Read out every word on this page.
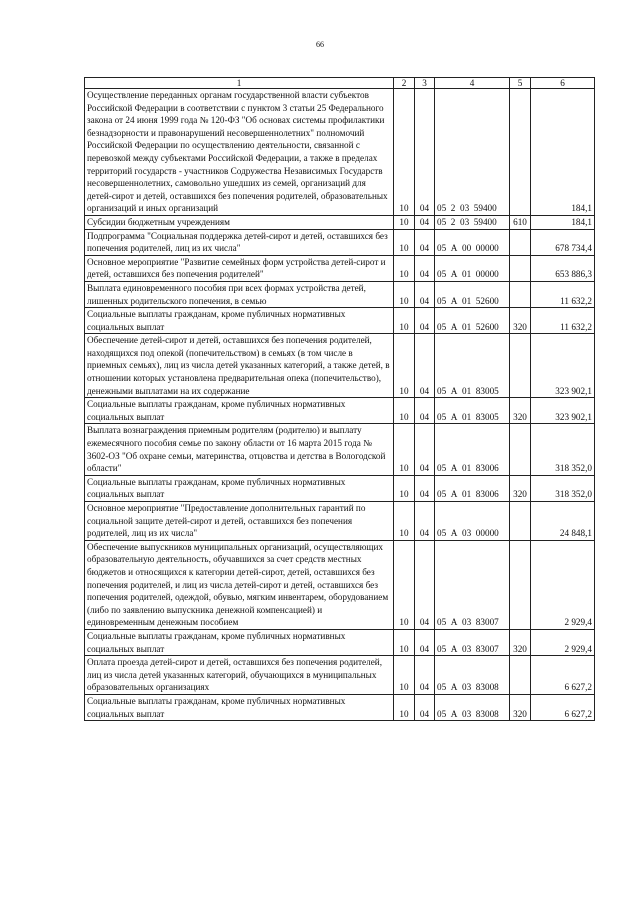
66
1	2	3	4	5	6
Осуществление переданных органам государственной власти субъектов Российской Федерации в соответствии с пунктом 3 статьи 25 Федерального закона от 24 июня 1999 года № 120-ФЗ "Об основах системы профилактики безнадзорности и правонарушений несовершеннолетних" полномочий Российской Федерации по осуществлению деятельности, связанной с перевозкой между субъектами Российской Федерации, а также в пределах территорий государств - участников Содружества Независимых Государств несовершеннолетних, самовольно ушедших из семей, организаций для детей-сирот и детей, оставшихся без попечения родителей, образовательных организаций и иных организаций	10	04	05  2  03  59400		184,1
Субсидии бюджетным учреждениям	10	04	05  2  03  59400	610	184,1
Подпрограмма "Социальная поддержка детей-сирот и детей, оставшихся без попечения родителей, лиц из их числа"	10	04	05  А  00  00000		678 734,4
Основное мероприятие "Развитие семейных форм устройства детей-сирот и детей, оставшихся без попечения родителей"	10	04	05  А  01  00000		653 886,3
Выплата единовременного пособия при всех формах устройства детей, лишенных родительского попечения, в семью	10	04	05  А  01  52600		11 632,2
Социальные выплаты гражданам, кроме публичных нормативных социальных выплат	10	04	05  А  01  52600	320	11 632,2
Обеспечение детей-сирот и детей, оставшихся без попечения родителей, находящихся под опекой (попечительством) в семьях (в том числе в приемных семьях), лиц из числа детей указанных категорий, а также детей, в отношении которых установлена предварительная опека (попечительство), денежными выплатами на их содержание	10	04	05  А  01  83005		323 902,1
Социальные выплаты гражданам, кроме публичных нормативных социальных выплат	10	04	05  А  01  83005	320	323 902,1
Выплата вознаграждения приемным родителям (родителю) и выплату ежемесячного пособия семье по закону области от 16 марта 2015 года № 3602-ОЗ "Об охране семьи, материнства, отцовства и детства в Вологодской области"	10	04	05  А  01  83006		318 352,0
Социальные выплаты гражданам, кроме публичных нормативных социальных выплат	10	04	05  А  01  83006	320	318 352,0
Основное мероприятие "Предоставление дополнительных гарантий по социальной защите детей-сирот и детей, оставшихся без попечения родителей, лиц из их числа"	10	04	05  А  03  00000		24 848,1
Обеспечение выпускников муниципальных организаций, осуществляющих образовательную деятельность, обучавшихся за счет средств местных бюджетов и относящихся к категории детей-сирот, детей, оставшихся без попечения родителей, и лиц из числа детей-сирот и детей, оставшихся без попечения родителей, одеждой, обувью, мягким инвентарем, оборудованием (либо по заявлению выпускника денежной компенсацией) и единовременным денежным пособием	10	04	05  А  03  83007		2 929,4
Социальные выплаты гражданам, кроме публичных нормативных социальных выплат	10	04	05  А  03  83007	320	2 929,4
Оплата проезда детей-сирот и детей, оставшихся без попечения родителей, лиц из числа детей указанных категорий, обучающихся в муниципальных образовательных организациях	10	04	05  А  03  83008		6 627,2
Социальные выплаты гражданам, кроме публичных нормативных социальных выплат	10	04	05  А  03  83008	320	6 627,2
